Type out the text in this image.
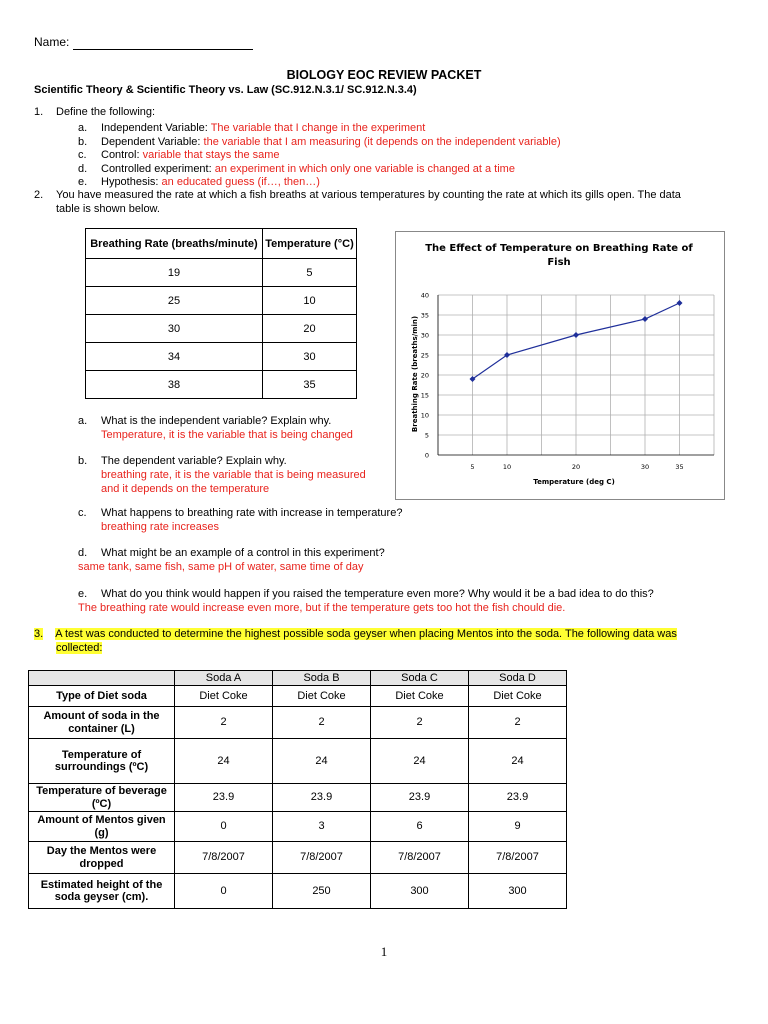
Name:
BIOLOGY EOC REVIEW PACKET
Scientific Theory & Scientific Theory vs. Law (SC.912.N.3.1/ SC.912.N.3.4)
1.	Define the following:
a.	Independent Variable: The variable that I change in the experiment
b.	Dependent Variable: the variable that I am measuring (it depends on the independent variable)
c.	Control: variable that stays the same
d.	Controlled experiment: an experiment in which only one variable is changed at a time
e.	Hypothesis: an educated guess (if…, then…)
2.	You have measured the rate at which a fish breaths at various temperatures by counting the rate at which its gills open. The data
table is shown below.
Breathing Rate (breaths/minute)	Temperature (°C)
19	5
25	10
30	20
34	30
38	35
The Effect of Temperature on Breathing Rate of
Fish
Breathing Rate (breaths/min)
Temperature (deg C)
0
5
10
15
20
25
30
35
40
5	10	20	30	35
a.	What is the independent variable? Explain why.
Temperature, it is the variable that is being changed
b.	The dependent variable? Explain why.
breathing rate, it is the variable that is being measured
and it depends on the temperature
c.	What happens to breathing rate with increase in temperature?
breathing rate increases
d.	What might be an example of a control in this experiment?
same tank, same fish, same pH of water, same time of day
e.	What do you think would happen if you raised the temperature even more? Why would it be a bad idea to do this?
The breathing rate would increase even more, but if the temperature gets too hot the fish chould die.
3. A test was conducted to determine the highest possible soda geyser when placing Mentos into the soda. The following data was
collected:
	Soda A	Soda B	Soda C	Soda D
Type of Diet soda	Diet Coke	Diet Coke	Diet Coke	Diet Coke
Amount of soda in the container (L)	2	2	2	2
Temperature of surroundings (ºC)	24	24	24	24
Temperature of beverage (ºC)	23.9	23.9	23.9	23.9
Amount of Mentos given (g)	0	3	6	9
Day the Mentos were dropped	7/8/2007	7/8/2007	7/8/2007	7/8/2007
Estimated height of the soda geyser (cm).	0	250	300	300
1
